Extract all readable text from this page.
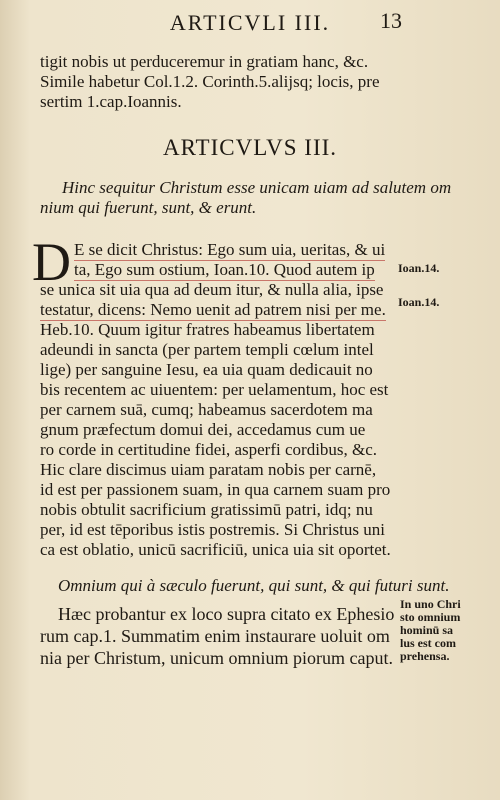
ARTICVLI III.	13
tigit nobis ut perduceremur in gratiam hanc, &c.
Simile habetur Col.1.2. Corinth.5.alijsq; locis, pre
sertim 1.cap.Ioannis.
ARTICVLVS III.
Hinc sequitur Christum esse unicam uiam ad salutem om
nium qui fuerunt, sunt, & erunt.
D E se dicit Christus: Ego sum uia, ueritas, & ui
ta, Ego sum ostium, Ioan.10. Quod autem ip
se unica sit uia qua ad deum itur, & nulla alia, ipse
testatur, dicens: Nemo uenit ad patrem nisi per me.
Heb.10. Quum igitur fratres habeamus libertatem
adeundi in sancta (per partem templi cœlum intel
lige) per sanguine Iesu, ea uia quam dedicauit no
bis recentem ac uiuentem: per uelamentum, hoc est
per carnem suā, cumq; habeamus sacerdotem ma
gnum præfectum domui dei, accedamus cum ue
ro corde in certitudine fidei, asperfi cordibus, &c.
Hic clare discimus uiam paratam nobis per carnē,
id est per passionem suam, in qua carnem suam pro
nobis obtulit sacrificium gratissimū patri, idq; nu
per, id est tēporibus istis postremis. Si Christus uni
ca est oblatio, unicū sacrificiū, unica uia sit oportet.
Ioan.14.
Ioan.14.
Omnium qui à sæculo fuerunt, qui sunt, & qui futuri sunt.
Hæc probantur ex loco supra citato ex Ephesio
rum cap.1. Summatim enim instaurare uoluit om
nia per Christum, unicum omnium piorum caput.
In uno Chri
sto omnium
hominū sa
lus est com
prehensa.
